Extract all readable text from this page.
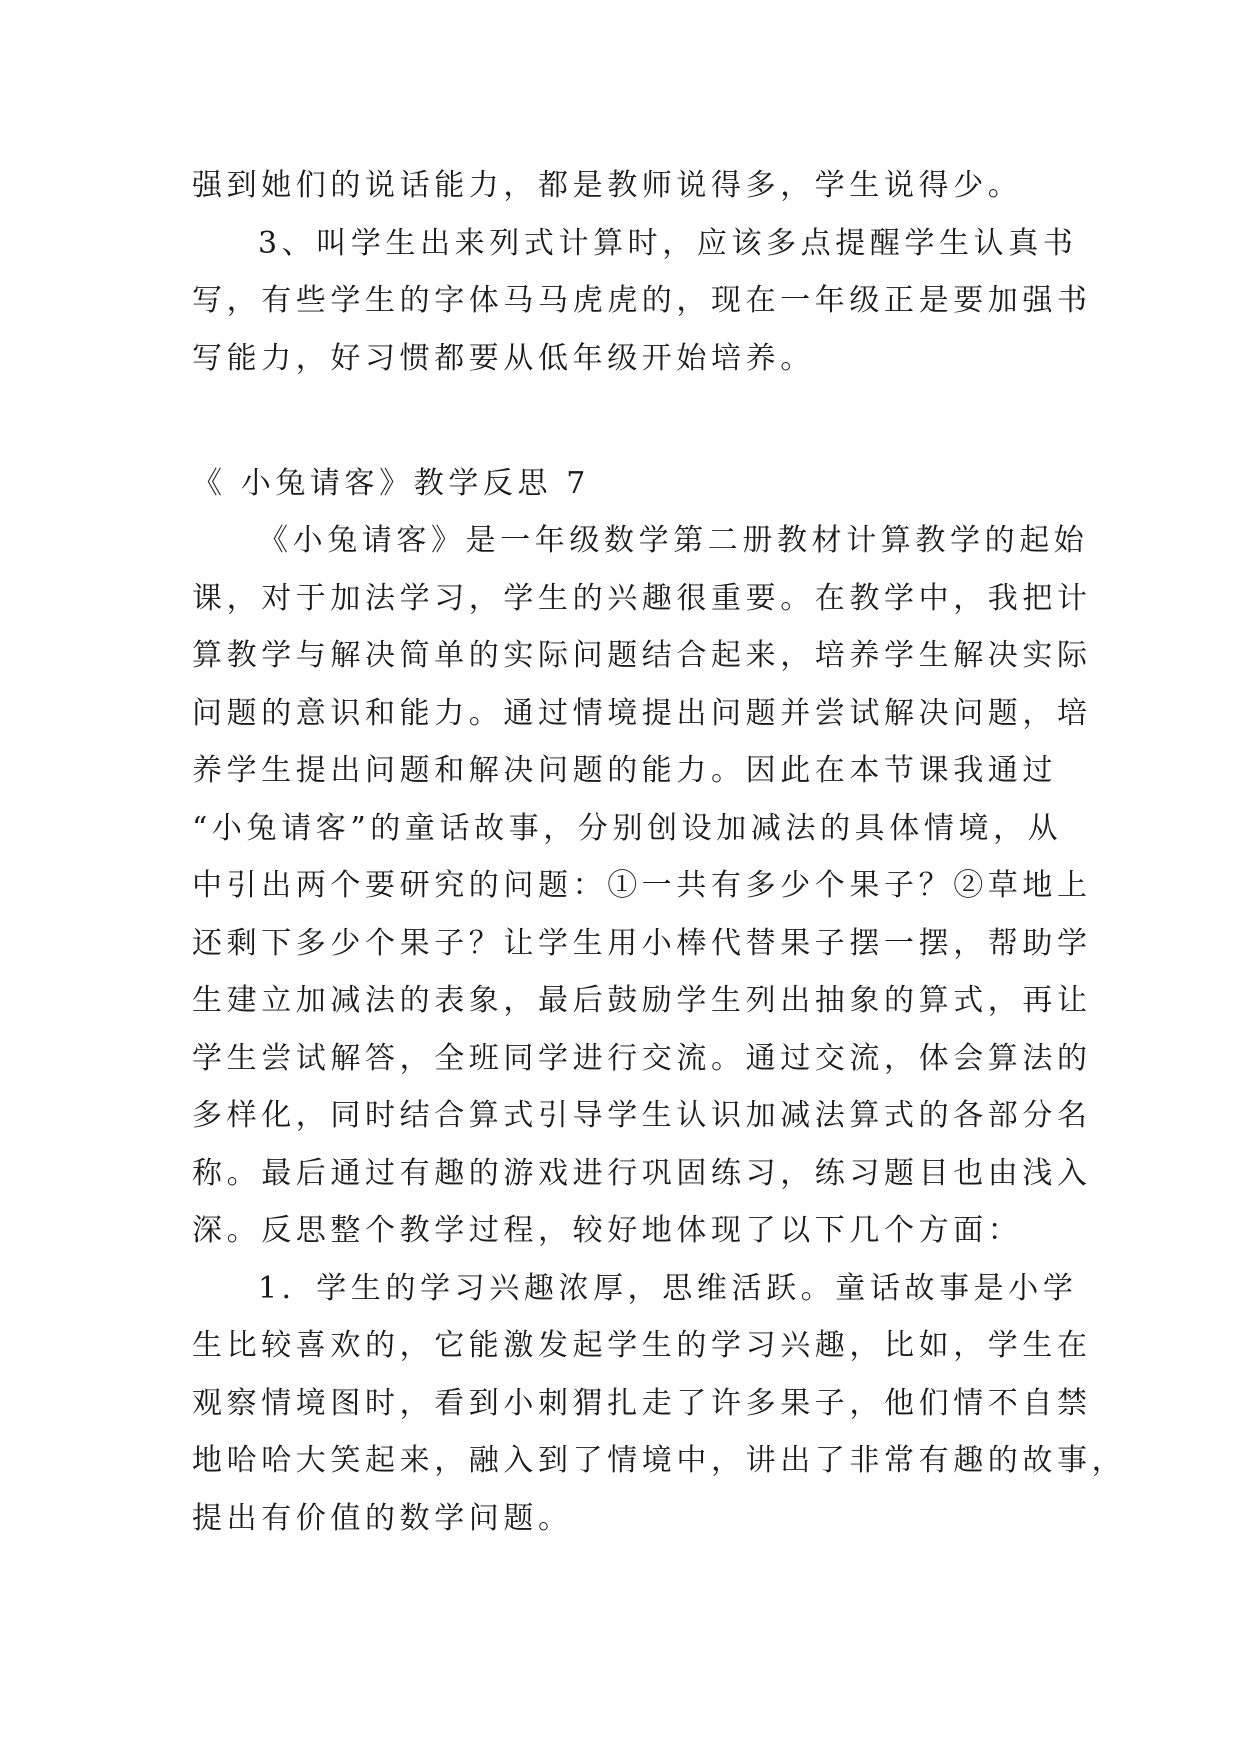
强到她们的说话能力，都是教师说得多，学生说得少。
3、叫学生出来列式计算时，应该多点提醒学生认真书
写，有些学生的字体马马虎虎的，现在一年级正是要加强书
写能力，好习惯都要从低年级开始培养。
《 小兔请客》教学反思 7
《小兔请客》是一年级数学第二册教材计算教学的起始
课，对于加法学习，学生的兴趣很重要。在教学中，我把计
算教学与解决简单的实际问题结合起来，培养学生解决实际
问题的意识和能力。通过情境提出问题并尝试解决问题，培
养学生提出问题和解决问题的能力。因此在本节课我通过
“小兔请客”的童话故事，分别创设加减法的具体情境，从
中引出两个要研究的问题：①一共有多少个果子？②草地上
还剩下多少个果子？让学生用小棒代替果子摆一摆，帮助学
生建立加减法的表象，最后鼓励学生列出抽象的算式，再让
学生尝试解答，全班同学进行交流。通过交流，体会算法的
多样化，同时结合算式引导学生认识加减法算式的各部分名
称。最后通过有趣的游戏进行巩固练习，练习题目也由浅入
深。反思整个教学过程，较好地体现了以下几个方面：
1．学生的学习兴趣浓厚，思维活跃。童话故事是小学
生比较喜欢的，它能激发起学生的学习兴趣，比如，学生在
观察情境图时，看到小刺猬扎走了许多果子，他们情不自禁
地哈哈大笑起来，融入到了情境中，讲出了非常有趣的故事，
提出有价值的数学问题。
